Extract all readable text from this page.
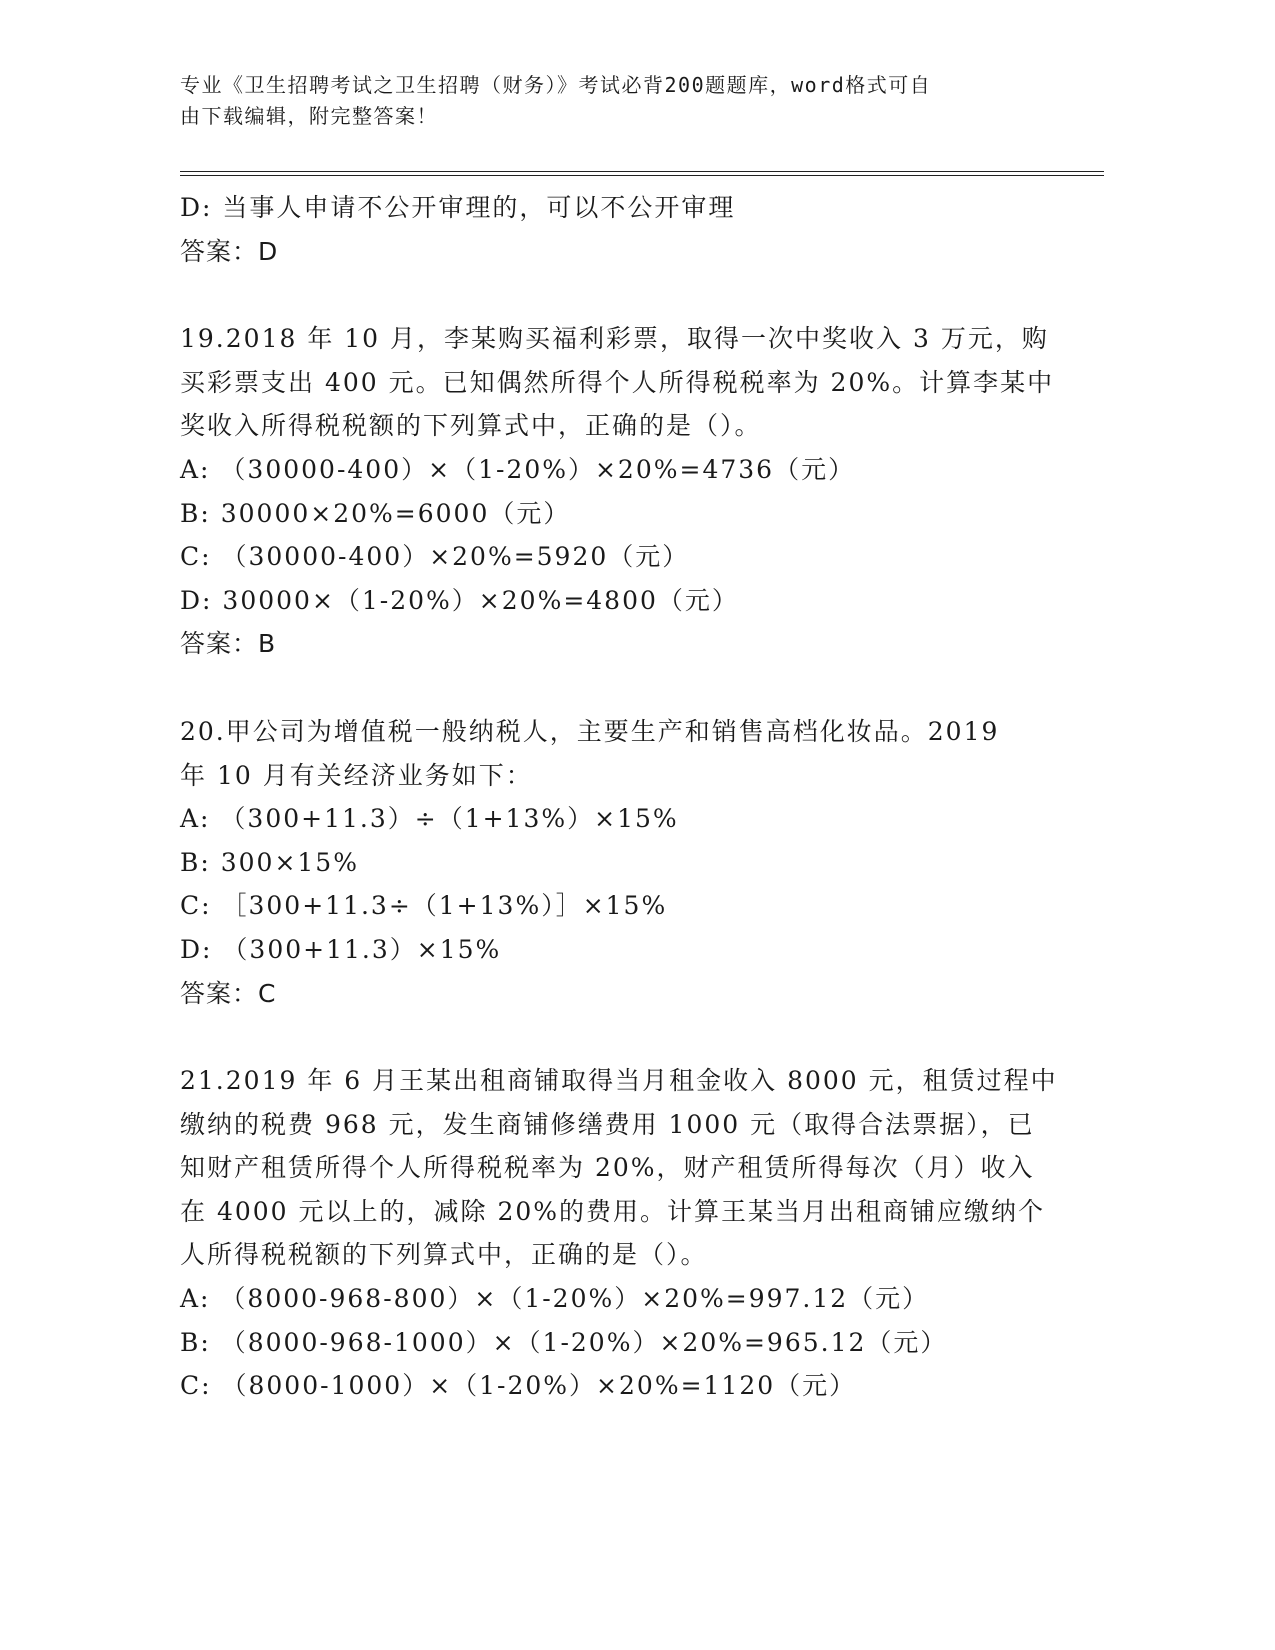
专业《卫生招聘考试之卫生招聘（财务）》考试必背200题题库，word格式可自
由下载编辑，附完整答案！
D: 当事人申请不公开审理的，可以不公开审理
答案：D
19.2018 年 10 月，李某购买福利彩票，取得一次中奖收入 3 万元，购
买彩票支出 400 元。已知偶然所得个人所得税税率为 20%。计算李某中
奖收入所得税税额的下列算式中，正确的是（）。
A: （30000-400）×（1-20%）×20%=4736（元）
B: 30000×20%=6000（元）
C: （30000-400）×20%=5920（元）
D: 30000×（1-20%）×20%=4800（元）
答案：B
20.甲公司为增值税一般纳税人，主要生产和销售高档化妆品。2019
年 10 月有关经济业务如下：
A: （300+11.3）÷（1+13%）×15%
B: 300×15%
C: ［300+11.3÷（1+13%）］×15%
D: （300+11.3）×15%
答案：C
21.2019 年 6 月王某出租商铺取得当月租金收入 8000 元，租赁过程中
缴纳的税费 968 元，发生商铺修缮费用 1000 元（取得合法票据），已
知财产租赁所得个人所得税税率为 20%，财产租赁所得每次（月）收入
在 4000 元以上的，减除 20%的费用。计算王某当月出租商铺应缴纳个
人所得税税额的下列算式中，正确的是（）。
A: （8000-968-800）×（1-20%）×20%=997.12（元）
B: （8000-968-1000）×（1-20%）×20%=965.12（元）
C: （8000-1000）×（1-20%）×20%=1120（元）
